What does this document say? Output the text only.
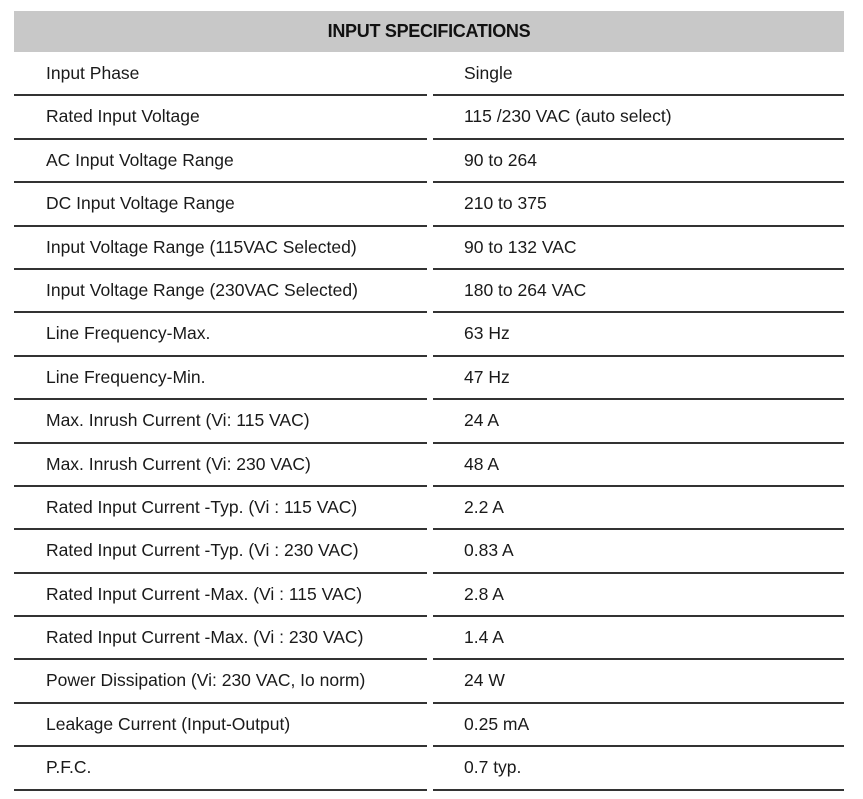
INPUT SPECIFICATIONS
Input Phase	Single
Rated Input Voltage	115 /230 VAC (auto select)
AC Input Voltage Range	90 to 264
DC Input Voltage Range	210 to 375
Input Voltage Range (115VAC Selected)	90 to 132 VAC
Input Voltage Range (230VAC Selected)	180 to 264 VAC
Line Frequency-Max.	63 Hz
Line Frequency-Min.	47 Hz
Max. Inrush Current (Vi: 115 VAC)	24 A
Max. Inrush Current (Vi: 230 VAC)	48 A
Rated Input Current -Typ. (Vi : 115 VAC)	2.2 A
Rated Input Current -Typ. (Vi : 230 VAC)	0.83 A
Rated Input Current -Max. (Vi : 115 VAC)	2.8 A
Rated Input Current -Max. (Vi : 230 VAC)	1.4 A
Power Dissipation (Vi: 230 VAC, Io norm)	24 W
Leakage Current (Input-Output)	0.25 mA
P.F.C.	0.7 typ.
